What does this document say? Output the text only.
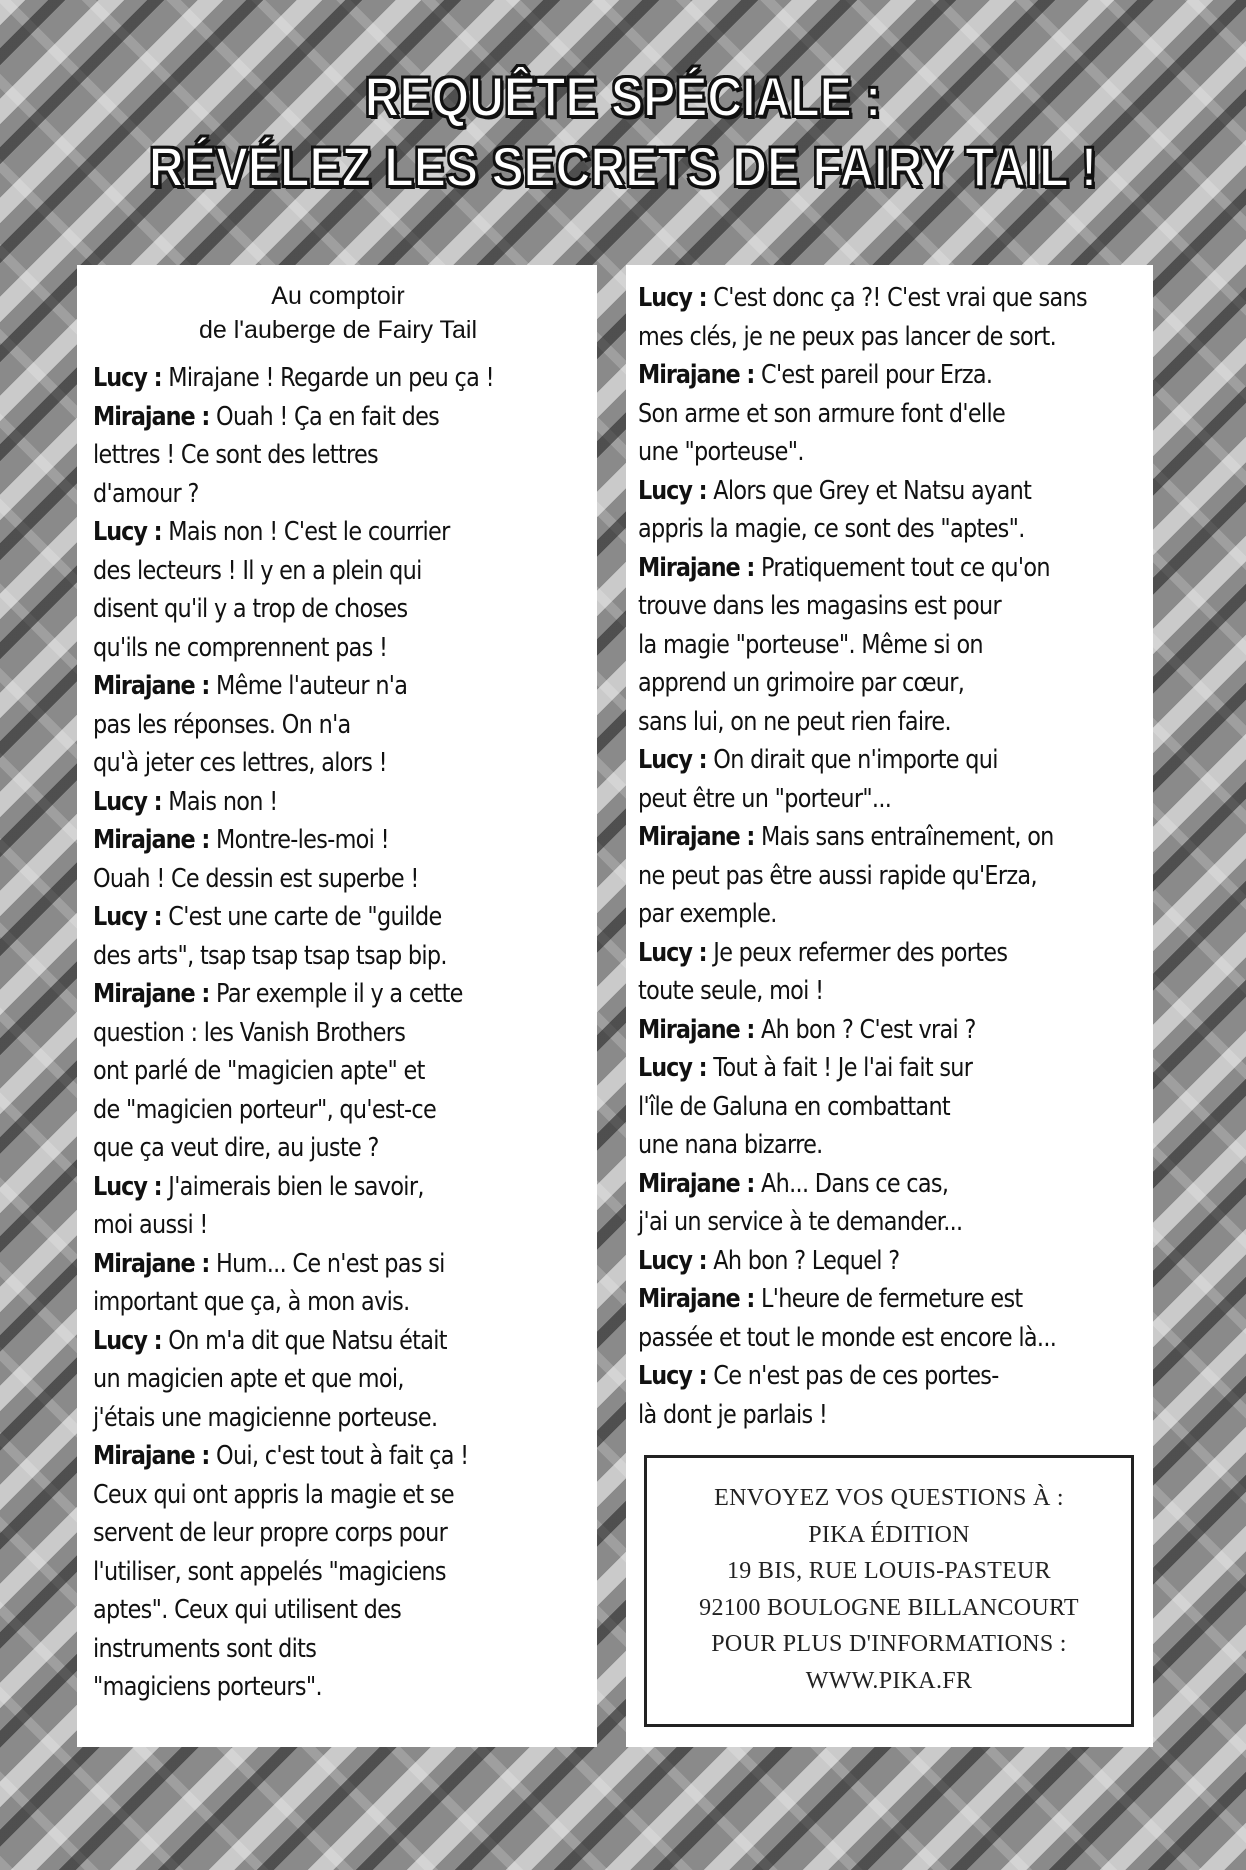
REQUÊTE SPÉCIALE :
RÉVÉLEZ LES SECRETS DE FAIRY TAIL !
Au comptoir
de l'auberge de Fairy Tail
Lucy : Mirajane ! Regarde un peu ça !
Mirajane : Ouah ! Ça en fait des
lettres ! Ce sont des lettres
d'amour ?
Lucy : Mais non ! C'est le courrier
des lecteurs ! Il y en a plein qui
disent qu'il y a trop de choses
qu'ils ne comprennent pas !
Mirajane : Même l'auteur n'a
pas les réponses. On n'a
qu'à jeter ces lettres, alors !
Lucy : Mais non !
Mirajane : Montre-les-moi !
Ouah ! Ce dessin est superbe !
Lucy : C'est une carte de "guilde
des arts", tsap tsap tsap tsap bip.
Mirajane : Par exemple il y a cette
question : les Vanish Brothers
ont parlé de "magicien apte" et
de "magicien porteur", qu'est-ce
que ça veut dire, au juste ?
Lucy : J'aimerais bien le savoir,
moi aussi !
Mirajane : Hum... Ce n'est pas si
important que ça, à mon avis.
Lucy : On m'a dit que Natsu était
un magicien apte et que moi,
j'étais une magicienne porteuse.
Mirajane : Oui, c'est tout à fait ça !
Ceux qui ont appris la magie et se
servent de leur propre corps pour
l'utiliser, sont appelés "magiciens
aptes". Ceux qui utilisent des
instruments sont dits
"magiciens porteurs".
Lucy : C'est donc ça ?! C'est vrai que sans
mes clés, je ne peux pas lancer de sort.
Mirajane : C'est pareil pour Erza.
Son arme et son armure font d'elle
une "porteuse".
Lucy : Alors que Grey et Natsu ayant
appris la magie, ce sont des "aptes".
Mirajane : Pratiquement tout ce qu'on
trouve dans les magasins est pour
la magie "porteuse". Même si on
apprend un grimoire par cœur,
sans lui, on ne peut rien faire.
Lucy : On dirait que n'importe qui
peut être un "porteur"...
Mirajane : Mais sans entraînement, on
ne peut pas être aussi rapide qu'Erza,
par exemple.
Lucy : Je peux refermer des portes
toute seule, moi !
Mirajane : Ah bon ? C'est vrai ?
Lucy : Tout à fait ! Je l'ai fait sur
l'île de Galuna en combattant
une nana bizarre.
Mirajane : Ah... Dans ce cas,
j'ai un service à te demander...
Lucy : Ah bon ? Lequel ?
Mirajane : L'heure de fermeture est
passée et tout le monde est encore là...
Lucy : Ce n'est pas de ces portes-
là dont je parlais !
ENVOYEZ VOS QUESTIONS À :
PIKA ÉDITION
19 BIS, RUE LOUIS-PASTEUR
92100 BOULOGNE BILLANCOURT
POUR PLUS D'INFORMATIONS :
WWW.PIKA.FR
